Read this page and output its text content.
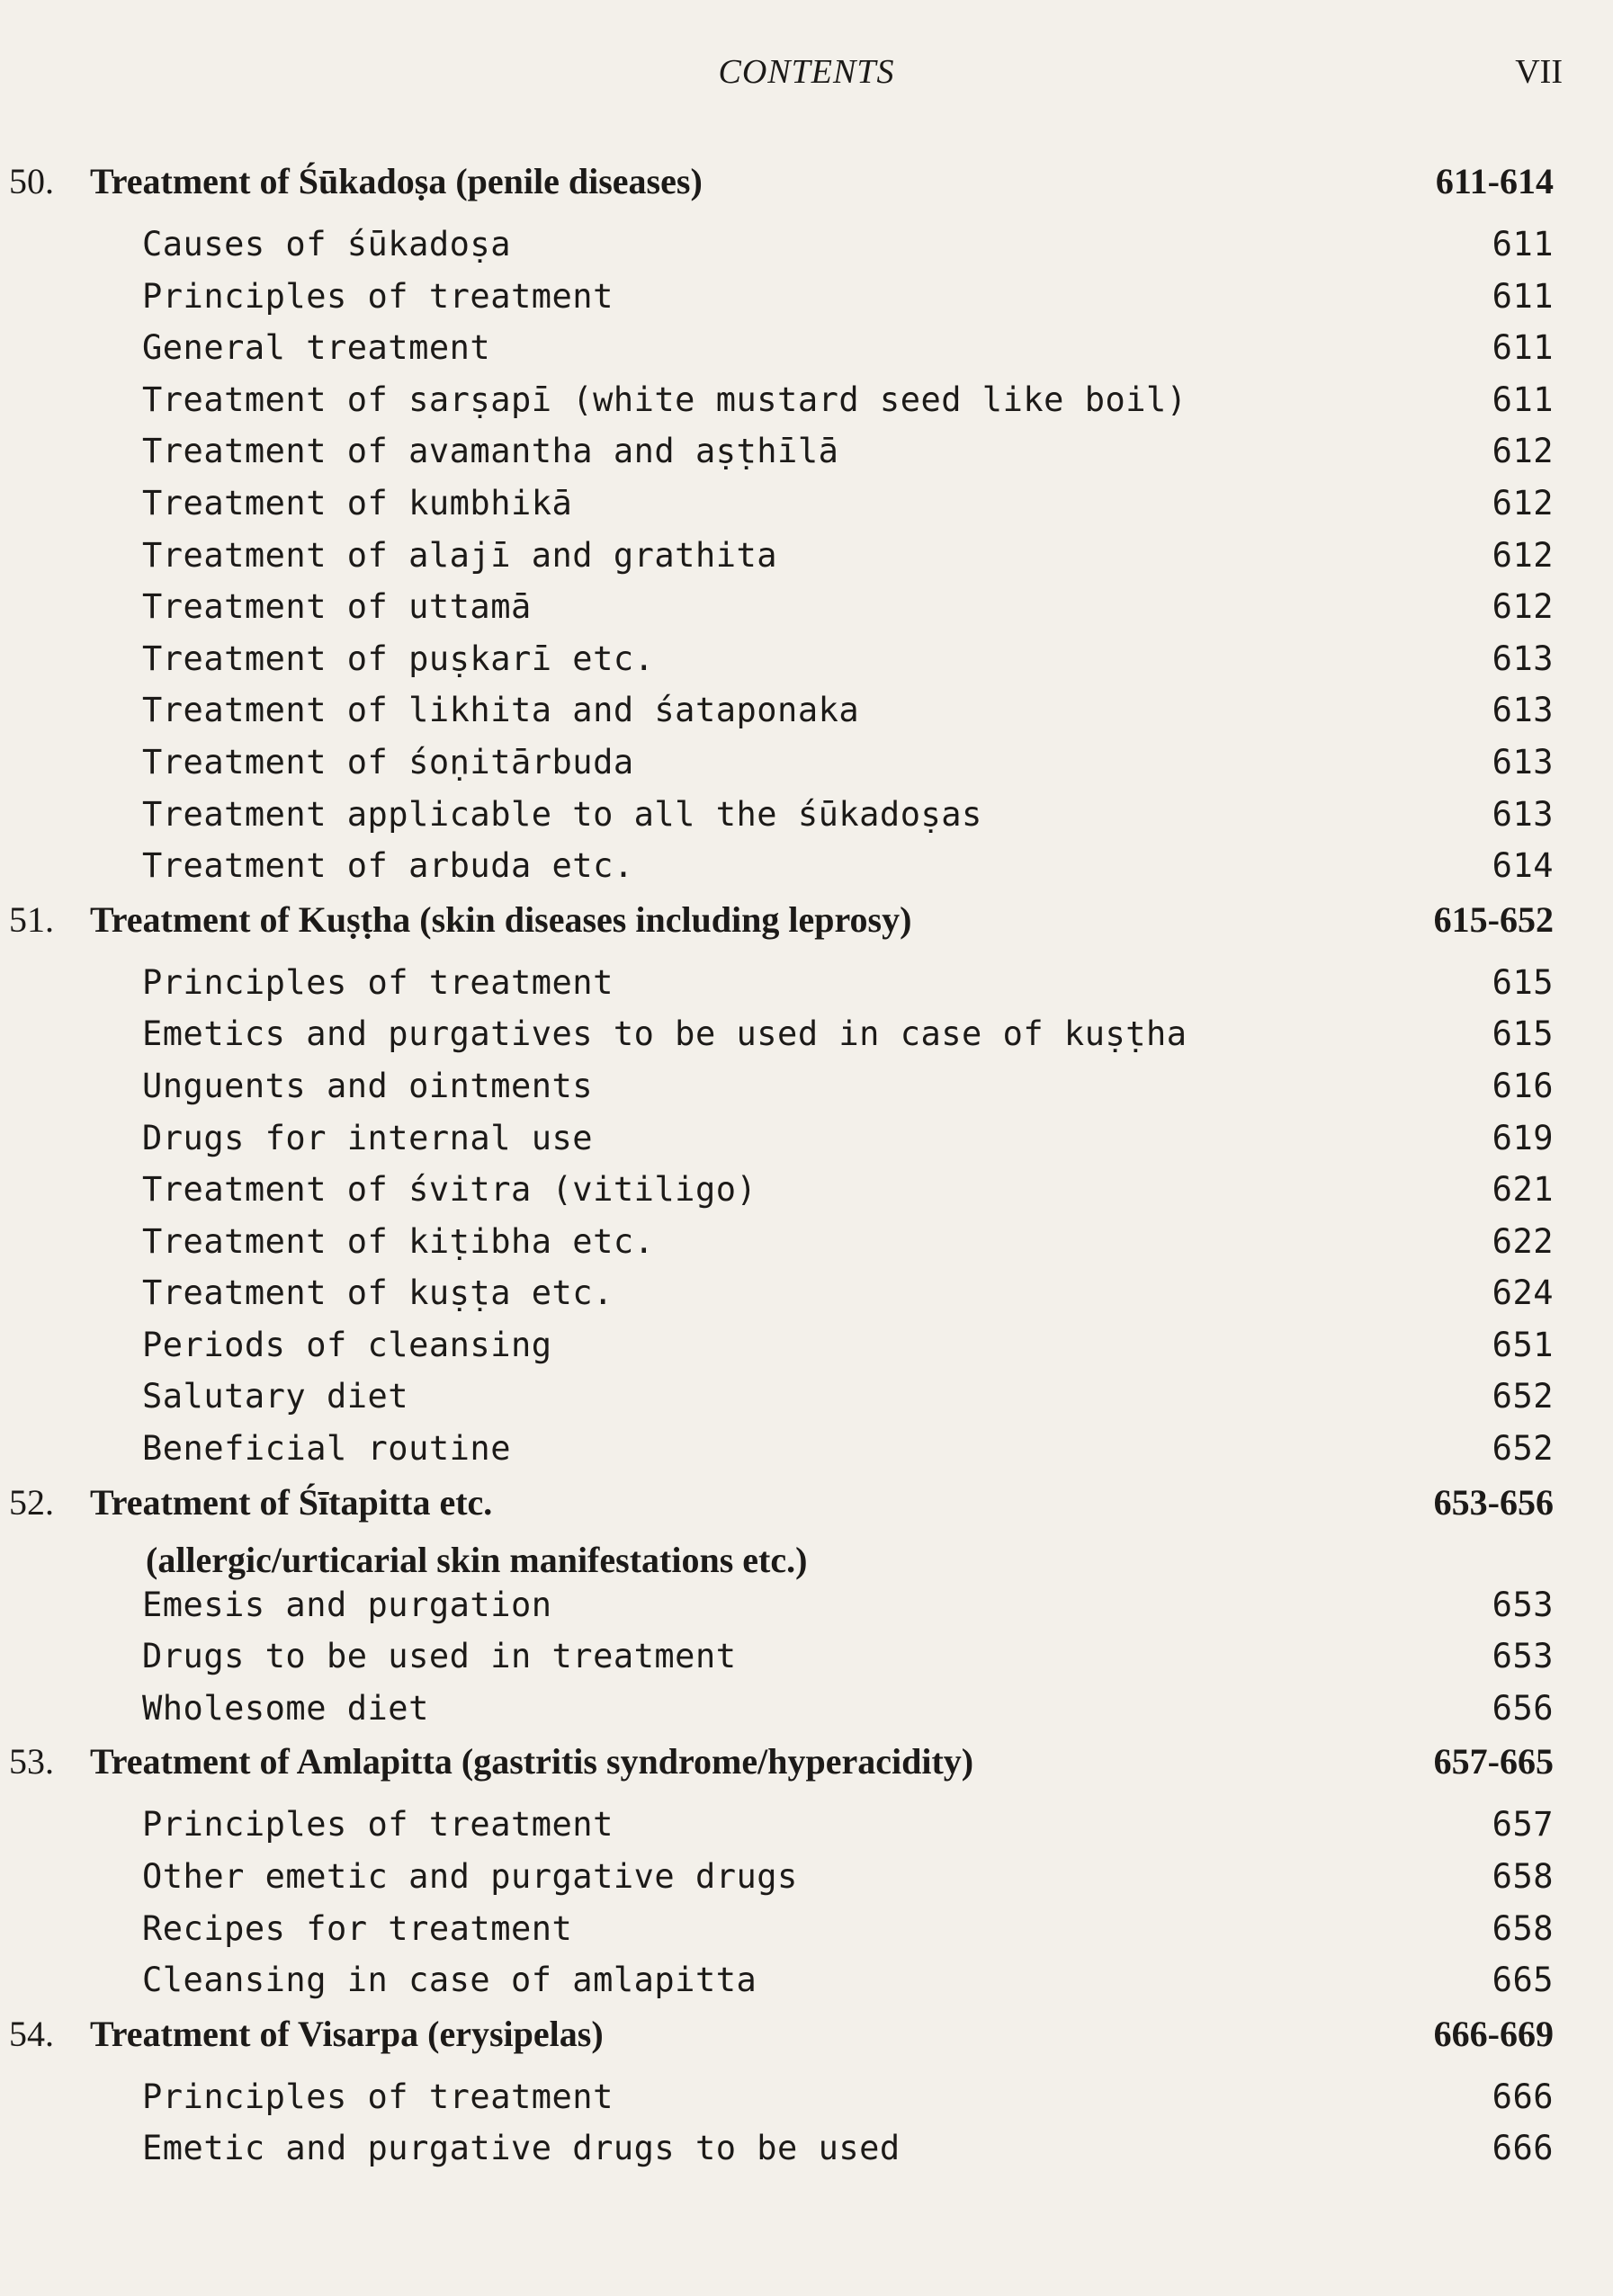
CONTENTS	VII
50.	Treatment of Śūkadoṣa (penile diseases)	611-614
Causes of śūkadoṣa	611
Principles of treatment	611
General treatment	611
Treatment of sarṣapī (white mustard seed like boil)	611
Treatment of avamantha and aṣṭhīlā	612
Treatment of kumbhikā	612
Treatment of alajī and grathita	612
Treatment of uttamā	612
Treatment of puṣkarī etc.	613
Treatment of likhita and śataponaka	613
Treatment of śoṇitārbuda	613
Treatment applicable to all the śūkadoṣas	613
Treatment of arbuda etc.	614
51.	Treatment of Kuṣṭha (skin diseases including leprosy)	615-652
Principles of treatment	615
Emetics and purgatives to be used in case of kuṣṭha	615
Unguents and ointments	616
Drugs for internal use	619
Treatment of śvitra (vitiligo)	621
Treatment of kiṭibha etc.	622
Treatment of kuṣṭa etc.	624
Periods of cleansing	651
Salutary diet	652
Beneficial routine	652
52.	Treatment of Śītapitta etc.	653-656
(allergic/urticarial skin manifestations etc.)
Emesis and purgation	653
Drugs to be used in treatment	653
Wholesome diet	656
53.	Treatment of Amlapitta (gastritis syndrome/hyperacidity)	657-665
Principles of treatment	657
Other emetic and purgative drugs	658
Recipes for treatment	658
Cleansing in case of amlapitta	665
54.	Treatment of Visarpa (erysipelas)	666-669
Principles of treatment	666
Emetic and purgative drugs to be used	666
